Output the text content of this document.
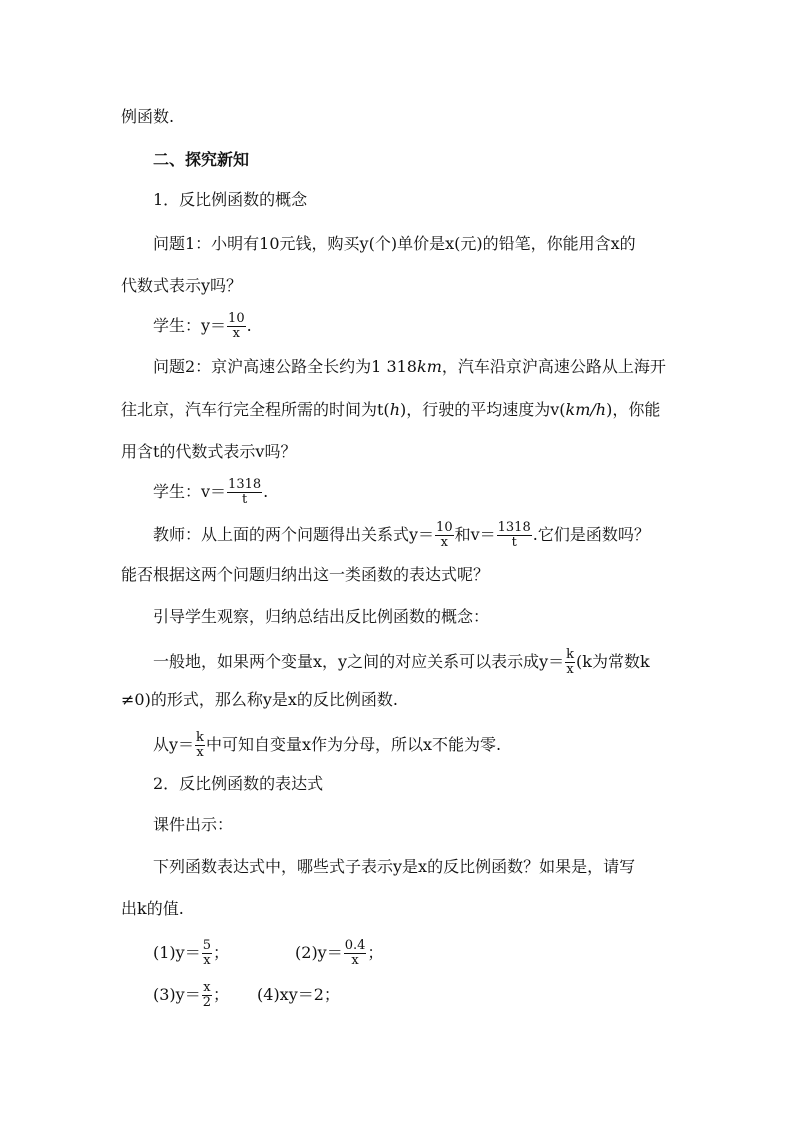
例函数.
二、探究新知
1．反比例函数的概念
问题1：小明有10元钱，购买y(个)单价是x(元)的铅笔，你能用含x的
代数式表示y吗？
学生：$y= \frac{10}{x}$ .
问题2：京沪高速公路全长约为1 318km，汽车沿京沪高速公路从上海开
往北京，汽车行完全程所需的时间为t(h)，行驶的平均速度为v(km/h)，你能
用含t的代数式表示v吗？
学生：$v= \frac{1318}{t}$ .
教师：从上面的两个问题得出关系式$y= \frac{10}{x}$ 和$v= \frac{1318}{t}$ .它们是函数吗？
能否根据这两个问题归纳出这一类函数的表达式呢？
引导学生观察，归纳总结出反比例函数的概念：
一般地，如果两个变量x，y之间的对应关系可以表示成$y= \frac{k}{x} (k$为常数k
≠0)的形式，那么称y是x的反比例函数.
从$y= \frac{k}{x}$ 中可知自变量x作为分母，所以x不能为零.
2．反比例函数的表达式
课件出示：
下列函数表达式中，哪些式子表示y是x的反比例函数？如果是，请写
出k的值.
$(1)y= \frac{5}{x}$ ；	$(2)y= \frac{0.4}{x}$ ；
$(3)y= \frac{x}{2}$ ； (4)xy＝2；
